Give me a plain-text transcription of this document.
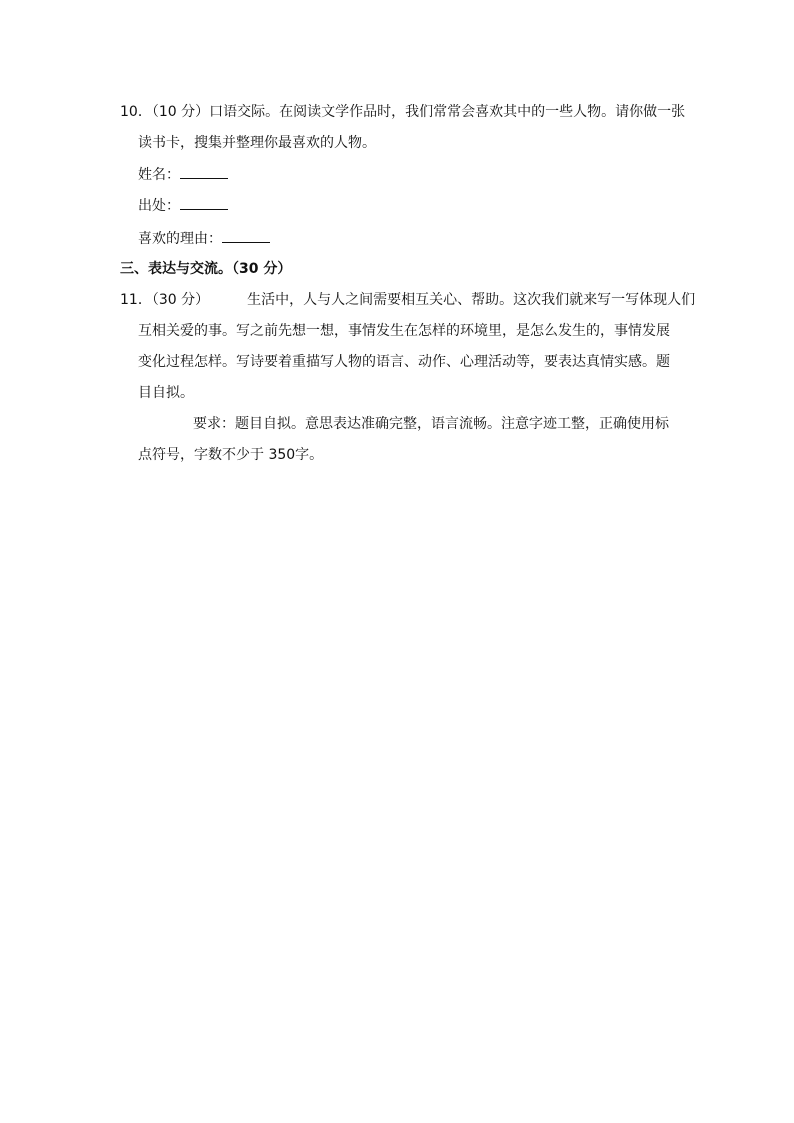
10．（10 分）口语交际。在阅读文学作品时，我们常常会喜欢其中的一些人物。请你做一张
读书卡，搜集并整理你最喜欢的人物。
姓名：
出处：
喜欢的理由：
三、表达与交流。（30 分）
11．（30 分）	生活中，人与人之间需要相互关心、帮助。这次我们就来写一写体现人们
互相关爱的事。写之前先想一想，事情发生在怎样的环境里，是怎么发生的，事情发展
变化过程怎样。写诗要着重描写人物的语言、动作、心理活动等，要表达真情实感。题
目自拟。
要求：题目自拟。意思表达准确完整，语言流畅。注意字迹工整，正确使用标
点符号，字数不少于 350字。
